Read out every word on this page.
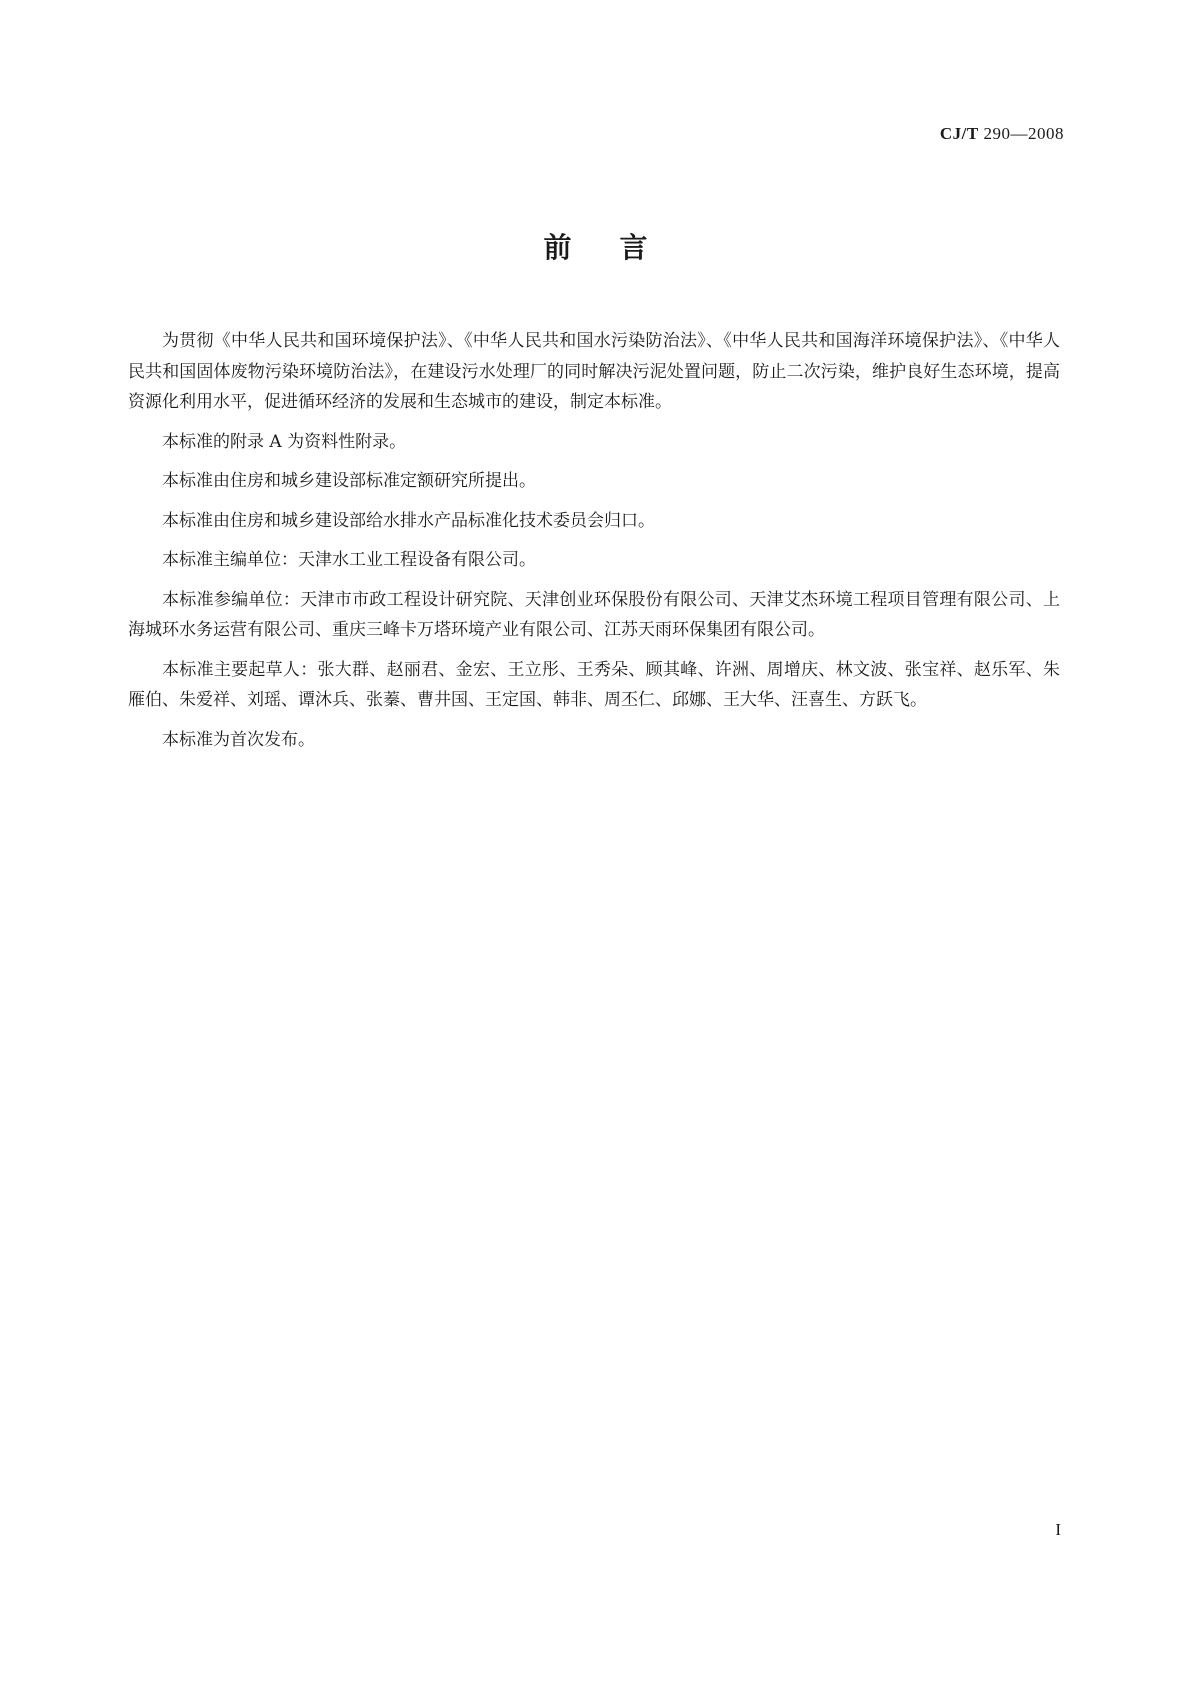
CJ/T 290—2008
前言

为贯彻《中华人民共和国环境保护法》、《中华人民共和国水污染防治法》、《中华人民共和国海洋环境保护法》、《中华人民共和国固体废物污染环境防治法》，在建设污水处理厂的同时解决污泥处置问题，防止二次污染，维护良好生态环境，提高资源化利用水平，促进循环经济的发展和生态城市的建设，制定本标准。

本标准的附录 A 为资料性附录。

本标准由住房和城乡建设部标准定额研究所提出。

本标准由住房和城乡建设部给水排水产品标准化技术委员会归口。

本标准主编单位：天津水工业工程设备有限公司。

本标准参编单位：天津市市政工程设计研究院、天津创业环保股份有限公司、天津艾杰环境工程项目管理有限公司、上海城环水务运营有限公司、重庆三峰卡万塔环境产业有限公司、江苏天雨环保集团有限公司。

本标准主要起草人：张大群、赵丽君、金宏、王立彤、王秀朵、顾其峰、许洲、周增庆、林文波、张宝祥、赵乐军、朱雁伯、朱爱祥、刘瑶、谭沐兵、张蓁、曹井国、王定国、韩非、周丕仁、邱娜、王大华、汪喜生、方跃飞。

本标准为首次发布。

I
